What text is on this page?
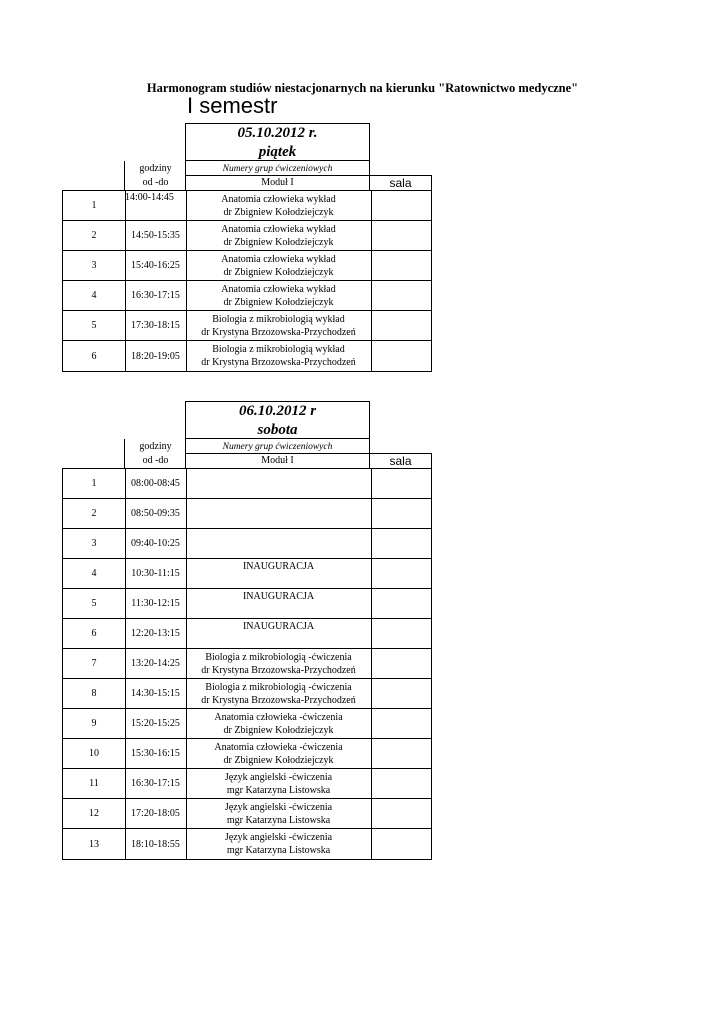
Harmonogram studiów niestacjonarnych na kierunku "Ratownictwo medyczne"
I semestr
05.10.2012 r.
piątek
godziny	Numery grup ćwiczeniowych
od -do	Moduł I	sala
1
14:00-14:45	Anatomia człowieka wykład
dr Zbigniew Kołodziejczyk
2	14:50-15:35
Anatomia człowieka wykład
dr Zbigniew Kołodziejczyk
3	15:40-16:25
Anatomia człowieka wykład
dr Zbigniew Kołodziejczyk
4	16:30-17:15
Anatomia człowieka wykład
dr Zbigniew Kołodziejczyk
5	17:30-18:15
Biologia z mikrobiologią wykład
dr Krystyna Brzozowska-Przychodzeń
6	18:20-19:05
Biologia z mikrobiologią wykład
dr Krystyna Brzozowska-Przychodzeń
06.10.2012 r
sobota
godziny	Numery grup ćwiczeniowych
od -do	Moduł I	sala
1	08:00-08:45
2	08:50-09:35
3	09:40-10:25
4	10:30-11:15
INAUGURACJA
5	11:30-12:15
INAUGURACJA
6	12:20-13:15
INAUGURACJA
7	13:20-14:25
Biologia z mikrobiologią -ćwiczenia
dr Krystyna Brzozowska-Przychodzeń
8	14:30-15:15
Biologia z mikrobiologią -ćwiczenia
dr Krystyna Brzozowska-Przychodzeń
9	15:20-15:25
Anatomia człowieka -ćwiczenia
dr Zbigniew Kołodziejczyk
10	15:30-16:15
Anatomia człowieka -ćwiczenia
dr Zbigniew Kołodziejczyk
11	16:30-17:15
Język angielski -ćwiczenia
mgr Katarzyna Listowska
12	17:20-18:05
Język angielski -ćwiczenia
mgr Katarzyna Listowska
13	18:10-18:55
Język angielski -ćwiczenia
mgr Katarzyna Listowska
